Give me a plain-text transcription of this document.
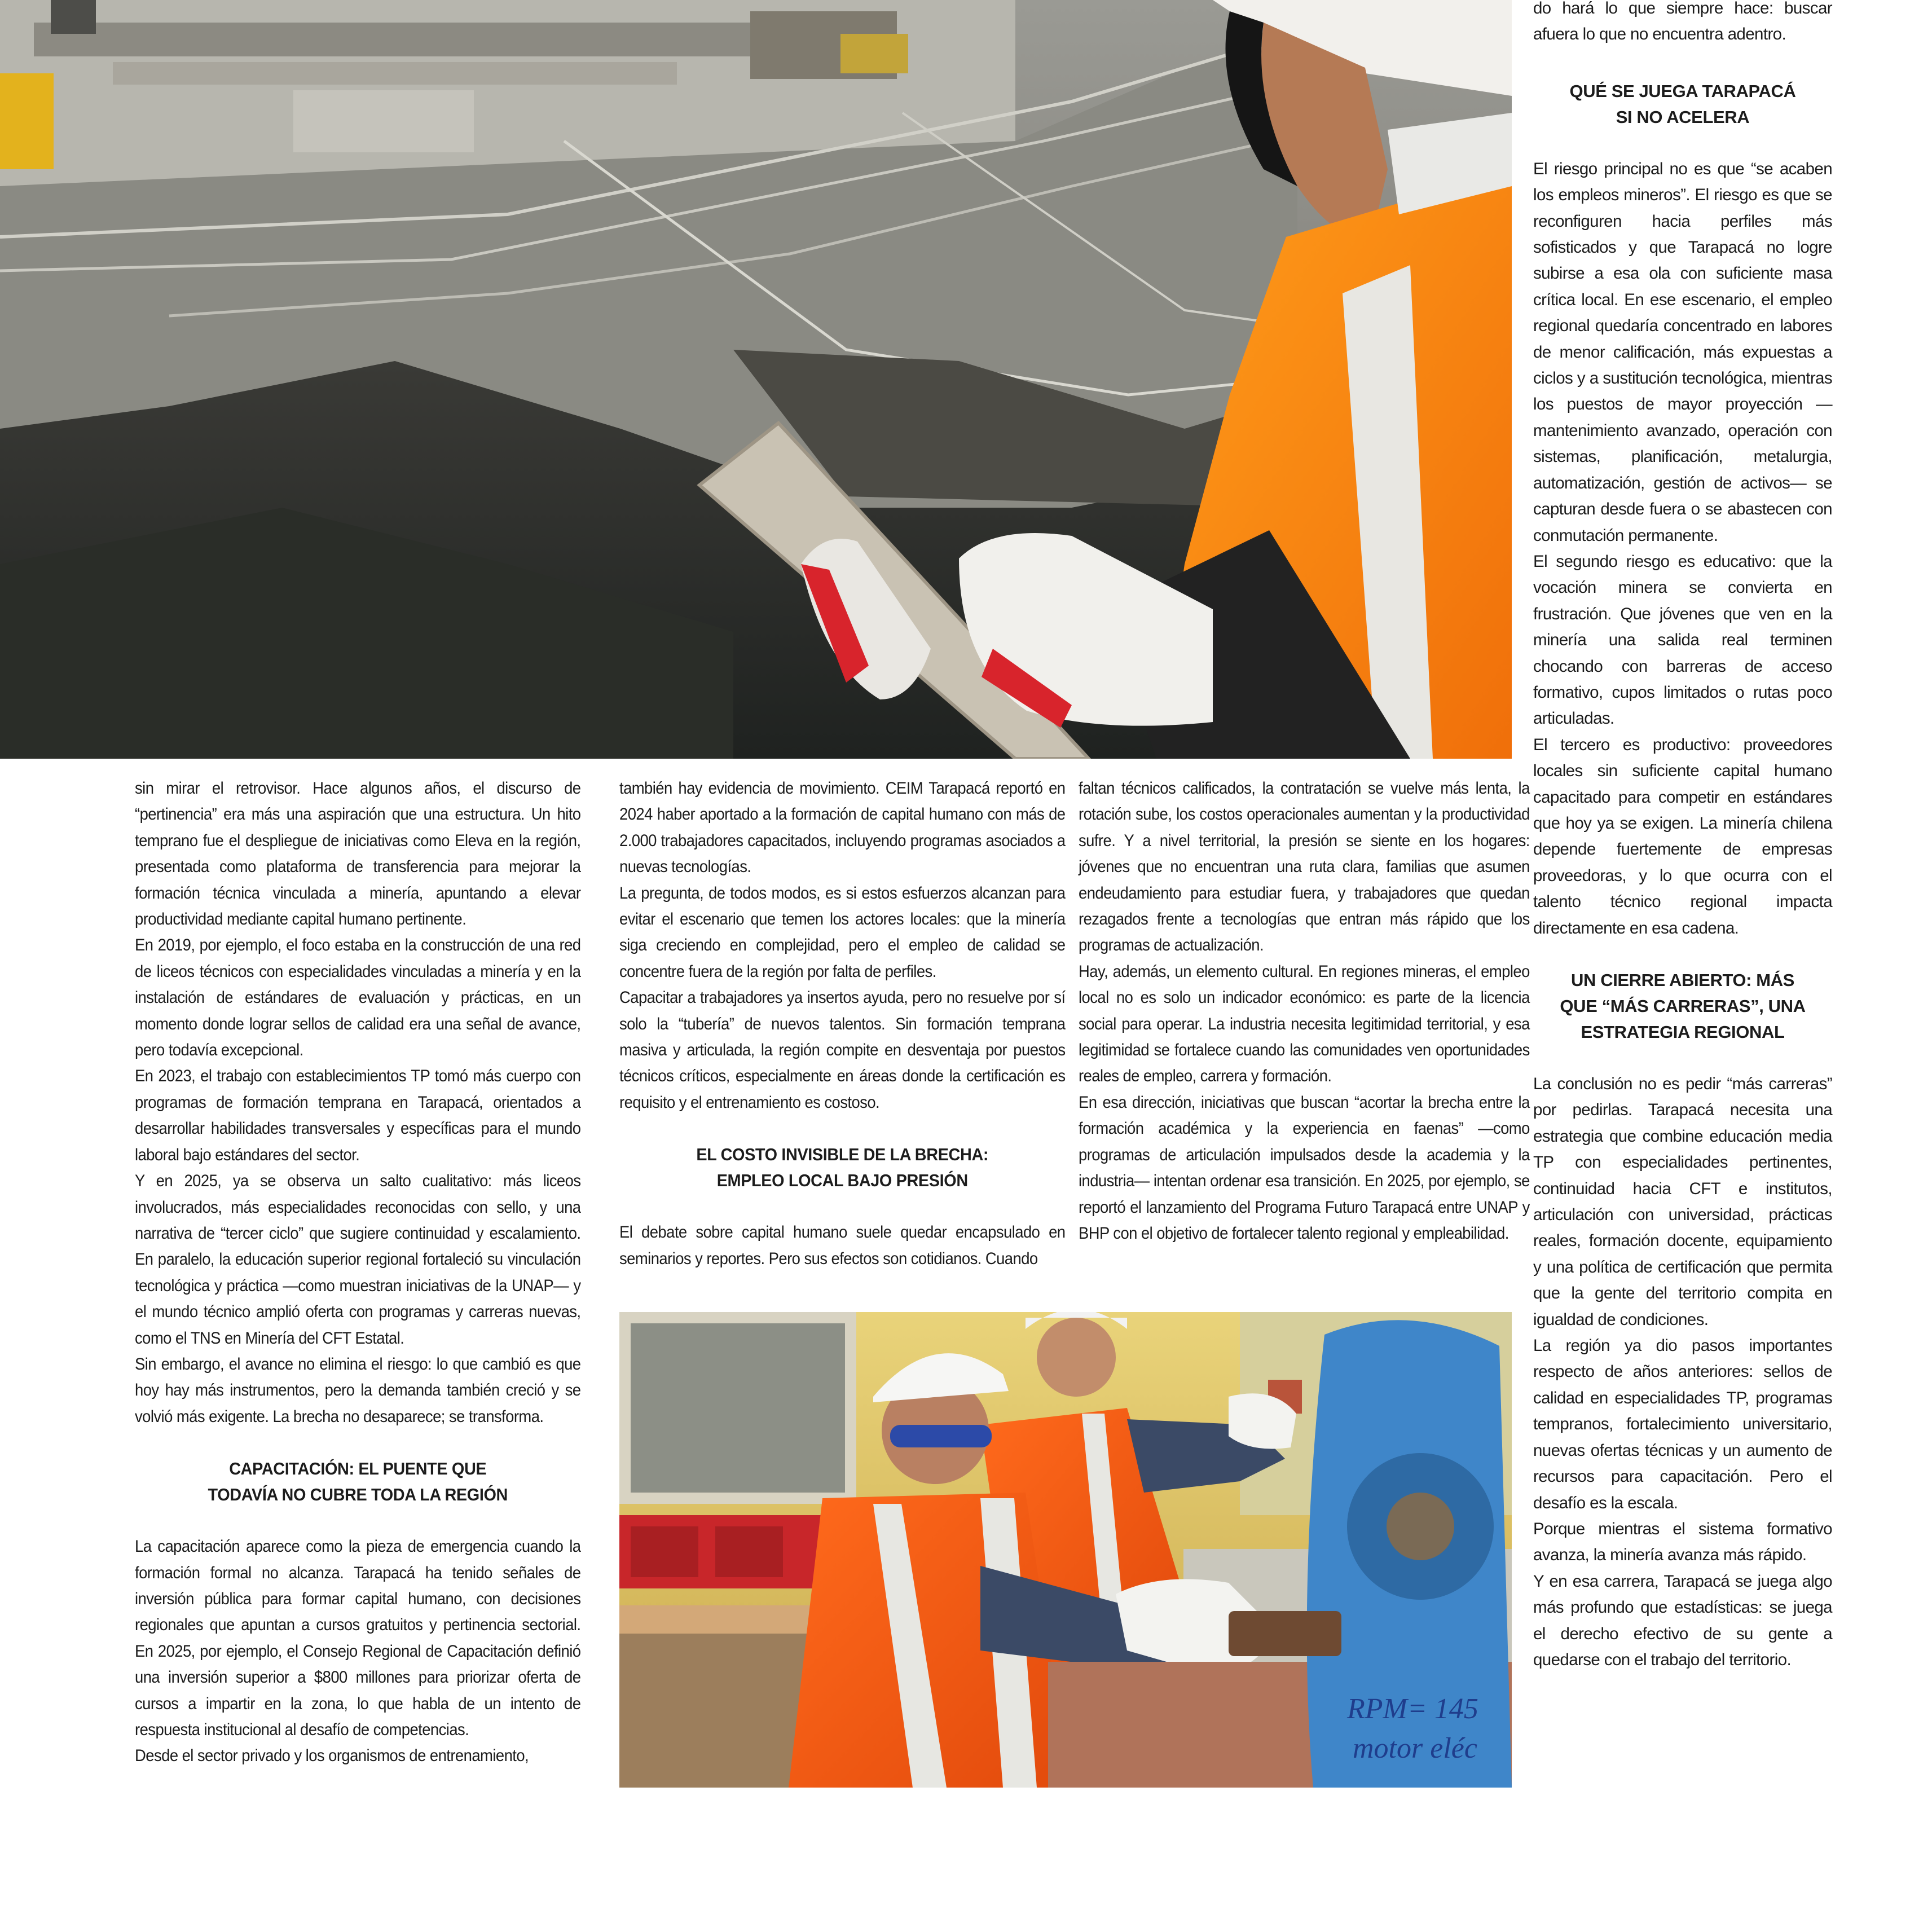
do hará lo que siempre hace: buscar afuera lo que no encuentra adentro.

QUÉ SE JUEGA TARAPACÁ SI NO ACELERA

El riesgo principal no es que “se acaben los empleos mineros”. El riesgo es que se reconfiguren hacia perfiles más sofisticados y que Tarapacá no logre subirse a esa ola con suficiente masa crítica local. En ese escenario, el empleo regional quedaría concentrado en labores de menor calificación, más expuestas a ciclos y a sustitución tecnológica, mientras los puestos de mayor proyección —mantenimiento avanzado, operación con sistemas, planificación, metalurgia, automatización, gestión de activos— se capturan desde fuera o se abastecen con conmutación permanente.

El segundo riesgo es educativo: que la vocación minera se convierta en frustración. Que jóvenes que ven en la minería una salida real terminen chocando con barreras de acceso formativo, cupos limitados o rutas poco articuladas.

El tercero es productivo: proveedores locales sin suficiente capital humano capacitado para competir en estándares que hoy ya se exigen. La minería chilena depende fuertemente de empresas proveedoras, y lo que ocurra con el talento técnico regional impacta directamente en esa cadena.

UN CIERRE ABIERTO: MÁS QUE “MÁS CARRERAS”, UNA ESTRATEGIA REGIONAL

La conclusión no es pedir “más carreras” por pedirlas. Tarapacá necesita una estrategia que combine educación media TP con especialidades pertinentes, continuidad hacia CFT e institutos, articulación con universidad, prácticas reales, formación docente, equipamiento y una política de certificación que permita que la gente del territorio compita en igualdad de condiciones.

La región ya dio pasos importantes respecto de años anteriores: sellos de calidad en especialidades TP, programas tempranos, fortalecimiento universitario, nuevas ofertas técnicas y un aumento de recursos para capacitación. Pero el desafío es la escala.

Porque mientras el sistema formativo avanza, la minería avanza más rápido.

Y en esa carrera, Tarapacá se juega algo más profundo que estadísticas: se juega el derecho efectivo de su gente a quedarse con el trabajo del territorio.

sin mirar el retrovisor. Hace algunos años, el discurso de “pertinencia” era más una aspiración que una estructura. Un hito temprano fue el despliegue de iniciativas como Eleva en la región, presentada como plataforma de transferencia para mejorar la formación técnica vinculada a minería, apuntando a elevar productividad mediante capital humano pertinente.

En 2019, por ejemplo, el foco estaba en la construcción de una red de liceos técnicos con especialidades vinculadas a minería y en la instalación de estándares de evaluación y prácticas, en un momento donde lograr sellos de calidad era una señal de avance, pero todavía excepcional.

En 2023, el trabajo con establecimientos TP tomó más cuerpo con programas de formación temprana en Tarapacá, orientados a desarrollar habilidades transversales y específicas para el mundo laboral bajo estándares del sector.

Y en 2025, ya se observa un salto cualitativo: más liceos involucrados, más especialidades reconocidas con sello, y una narrativa de “tercer ciclo” que sugiere continuidad y escalamiento. En paralelo, la educación superior regional fortaleció su vinculación tecnológica y práctica —como muestran iniciativas de la UNAP— y el mundo técnico amplió oferta con programas y carreras nuevas, como el TNS en Minería del CFT Estatal.

Sin embargo, el avance no elimina el riesgo: lo que cambió es que hoy hay más instrumentos, pero la demanda también creció y se volvió más exigente. La brecha no desaparece; se transforma.

CAPACITACIÓN: EL PUENTE QUE TODAVÍA NO CUBRE TODA LA REGIÓN

La capacitación aparece como la pieza de emergencia cuando la formación formal no alcanza. Tarapacá ha tenido señales de inversión pública para formar capital humano, con decisiones regionales que apuntan a cursos gratuitos y pertinencia sectorial. En 2025, por ejemplo, el Consejo Regional de Capacitación definió una inversión superior a $800 millones para priorizar oferta de cursos a impartir en la zona, lo que habla de un intento de respuesta institucional al desafío de competencias.

Desde el sector privado y los organismos de entrenamiento,

también hay evidencia de movimiento. CEIM Tarapacá reportó en 2024 haber aportado a la formación de capital humano con más de 2.000 trabajadores capacitados, incluyendo programas asociados a nuevas tecnologías.

La pregunta, de todos modos, es si estos esfuerzos alcanzan para evitar el escenario que temen los actores locales: que la minería siga creciendo en complejidad, pero el empleo de calidad se concentre fuera de la región por falta de perfiles.

Capacitar a trabajadores ya insertos ayuda, pero no resuelve por sí solo la “tubería” de nuevos talentos. Sin formación temprana masiva y articulada, la región compite en desventaja por puestos técnicos críticos, especialmente en áreas donde la certificación es requisito y el entrenamiento es costoso.

EL COSTO INVISIBLE DE LA BRECHA: EMPLEO LOCAL BAJO PRESIÓN

El debate sobre capital humano suele quedar encapsulado en seminarios y reportes. Pero sus efectos son cotidianos. Cuando

faltan técnicos calificados, la contratación se vuelve más lenta, la rotación sube, los costos operacionales aumentan y la productividad sufre. Y a nivel territorial, la presión se siente en los hogares: jóvenes que no encuentran una ruta clara, familias que asumen endeudamiento para estudiar fuera, y trabajadores que quedan rezagados frente a tecnologías que entran más rápido que los programas de actualización.

Hay, además, un elemento cultural. En regiones mineras, el empleo local no es solo un indicador económico: es parte de la licencia social para operar. La industria necesita legitimidad territorial, y esa legitimidad se fortalece cuando las comunidades ven oportunidades reales de empleo, carrera y formación.

En esa dirección, iniciativas que buscan “acortar la brecha entre la formación académica y la experiencia en faenas” —como programas de articulación impulsados desde la academia y la industria— intentan ordenar esa transición. En 2025, por ejemplo, se reportó el lanzamiento del Programa Futuro Tarapacá entre UNAP y BHP con el objetivo de fortalecer talento regional y empleabilidad.

RPM= 145
motor eléc
